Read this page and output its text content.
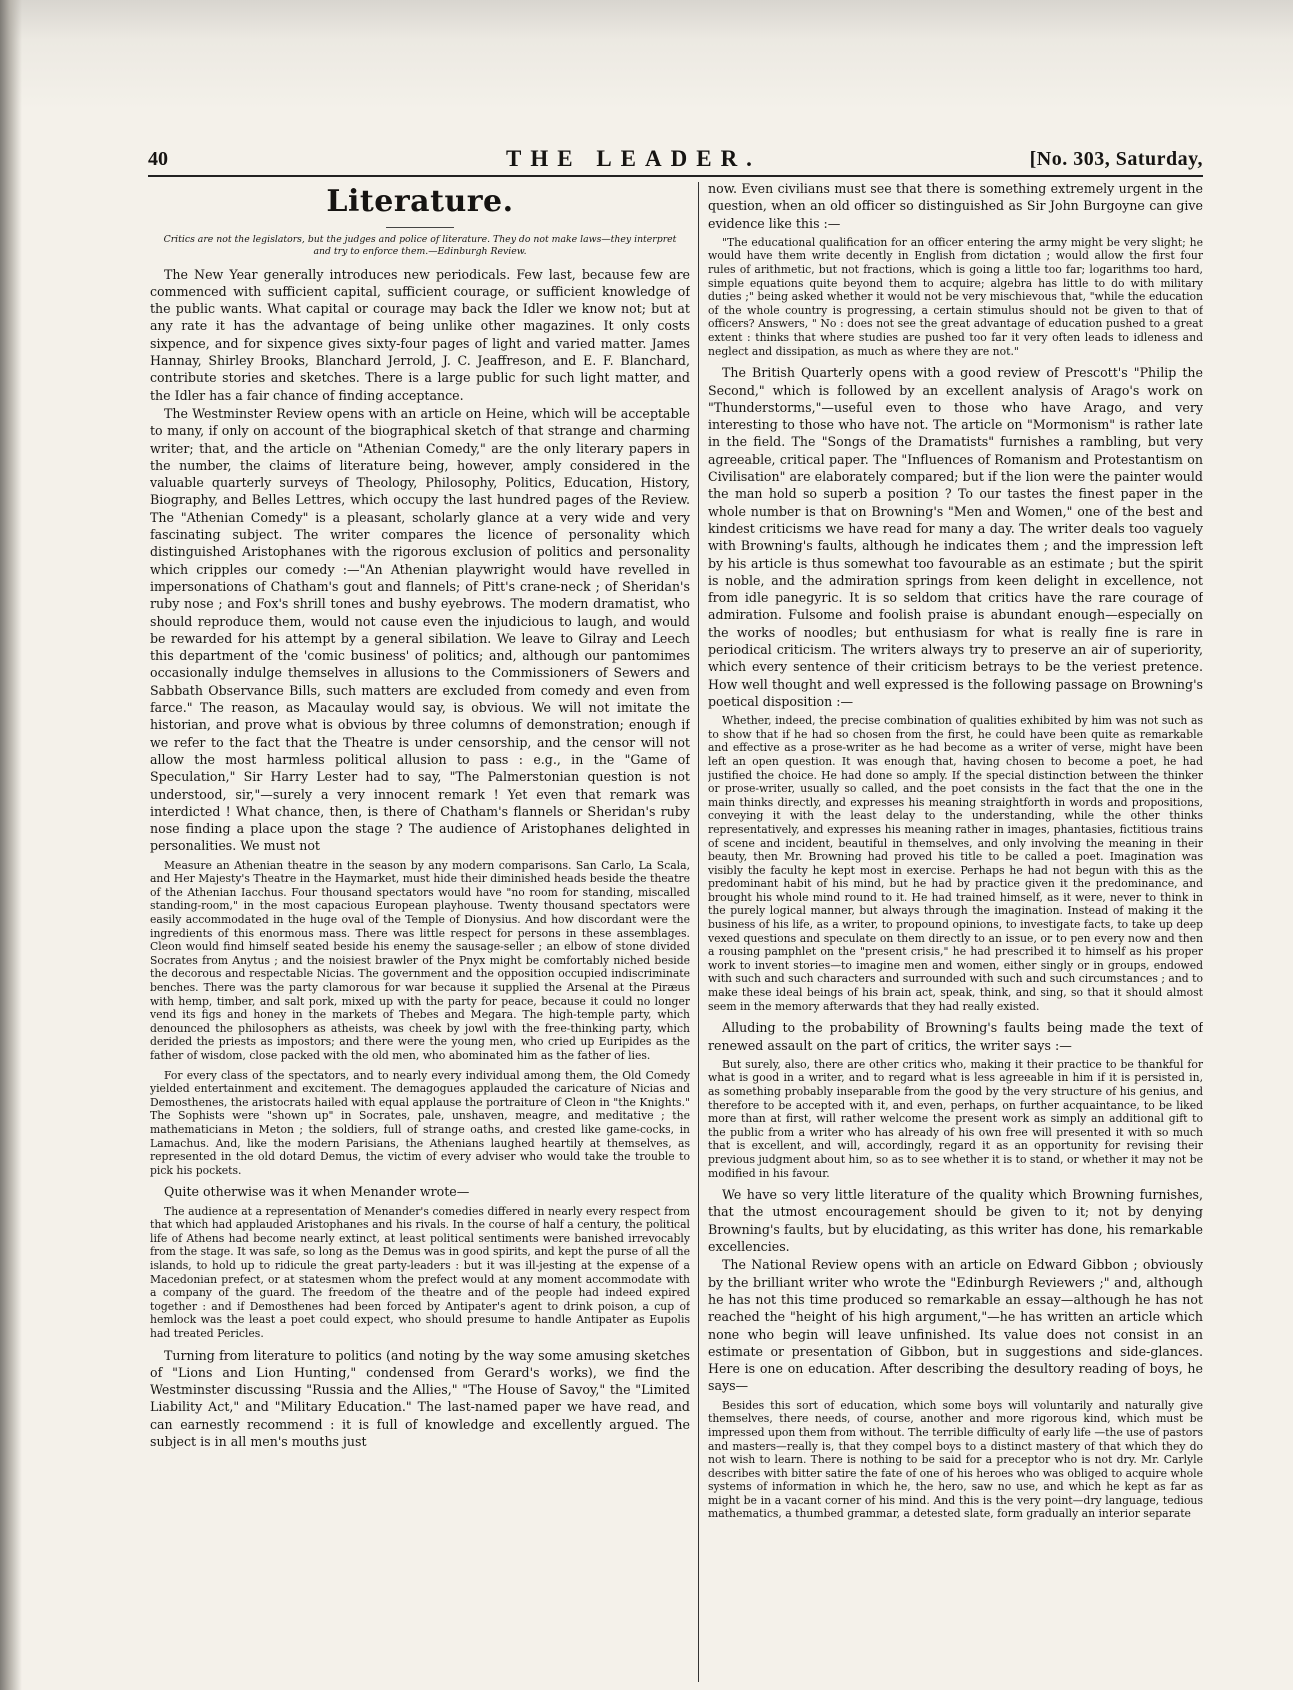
40	THE LEADER.	[No. 303, Saturday,
Literature.

Critics are not the legislators, but the judges and police of literature. They do not make laws—they interpret and try to enforce them.—Edinburgh Review.

The New Year generally introduces new periodicals. Few last, because few are commenced with sufficient capital, sufficient courage, or sufficient knowledge of the public wants. What capital or courage may back the Idler we know not; but at any rate it has the advantage of being unlike other magazines. It only costs sixpence, and for sixpence gives sixty-four pages of light and varied matter. James Hannay, Shirley Brooks, Blanchard Jerrold, J. C. Jeaffreson, and E. F. Blanchard, contribute stories and sketches. There is a large public for such light matter, and the Idler has a fair chance of finding acceptance.

The Westminster Review opens with an article on Heine, which will be acceptable to many, if only on account of the biographical sketch of that strange and charming writer; that, and the article on "Athenian Comedy," are the only literary papers in the number, the claims of literature being, however, amply considered in the valuable quarterly surveys of Theology, Philosophy, Politics, Education, History, Biography, and Belles Lettres, which occupy the last hundred pages of the Review. The "Athenian Comedy" is a pleasant, scholarly glance at a very wide and very fascinating subject. The writer compares the licence of personality which distinguished Aristophanes with the rigorous exclusion of politics and personality which cripples our comedy :—"An Athenian playwright would have revelled in impersonations of Chatham's gout and flannels; of Pitt's crane-neck ; of Sheridan's ruby nose ; and Fox's shrill tones and bushy eyebrows. The modern dramatist, who should reproduce them, would not cause even the injudicious to laugh, and would be rewarded for his attempt by a general sibilation. We leave to Gilray and Leech this department of the 'comic business' of politics; and, although our pantomimes occasionally indulge themselves in allusions to the Commissioners of Sewers and Sabbath Observance Bills, such matters are excluded from comedy and even from farce." The reason, as Macaulay would say, is obvious. We will not imitate the historian, and prove what is obvious by three columns of demonstration; enough if we refer to the fact that the Theatre is under censorship, and the censor will not allow the most harmless political allusion to pass : e.g., in the "Game of Speculation," Sir Harry Lester had to say, "The Palmerstonian question is not understood, sir,"—surely a very innocent remark ! Yet even that remark was interdicted ! What chance, then, is there of Chatham's flannels or Sheridan's ruby nose finding a place upon the stage ? The audience of Aristophanes delighted in personalities. We must not

Measure an Athenian theatre in the season by any modern comparisons. San Carlo, La Scala, and Her Majesty's Theatre in the Haymarket, must hide their diminished heads beside the theatre of the Athenian Iacchus. Four thousand spectators would have "no room for standing, miscalled standing-room," in the most capacious European playhouse. Twenty thousand spectators were easily accommodated in the huge oval of the Temple of Dionysius. And how discordant were the ingredients of this enormous mass. There was little respect for persons in these assemblages. Cleon would find himself seated beside his enemy the sausage-seller ; an elbow of stone divided Socrates from Anytus ; and the noisiest brawler of the Pnyx might be comfortably niched beside the decorous and respectable Nicias. The government and the opposition occupied indiscriminate benches. There was the party clamorous for war because it supplied the Arsenal at the Piræus with hemp, timber, and salt pork, mixed up with the party for peace, because it could no longer vend its figs and honey in the markets of Thebes and Megara. The high-temple party, which denounced the philosophers as atheists, was cheek by jowl with the free-thinking party, which derided the priests as impostors; and there were the young men, who cried up Euripides as the father of wisdom, close packed with the old men, who abominated him as the father of lies.

For every class of the spectators, and to nearly every individual among them, the Old Comedy yielded entertainment and excitement. The demagogues applauded the caricature of Nicias and Demosthenes, the aristocrats hailed with equal applause the portraiture of Cleon in "the Knights." The Sophists were "shown up" in Socrates, pale, unshaven, meagre, and meditative ; the mathematicians in Meton ; the soldiers, full of strange oaths, and crested like game-cocks, in Lamachus. And, like the modern Parisians, the Athenians laughed heartily at themselves, as represented in the old dotard Demus, the victim of every adviser who would take the trouble to pick his pockets.

Quite otherwise was it when Menander wrote—

The audience at a representation of Menander's comedies differed in nearly every respect from that which had applauded Aristophanes and his rivals. In the course of half a century, the political life of Athens had become nearly extinct, at least political sentiments were banished irrevocably from the stage. It was safe, so long as the Demus was in good spirits, and kept the purse of all the islands, to hold up to ridicule the great party-leaders : but it was ill-jesting at the expense of a Macedonian prefect, or at statesmen whom the prefect would at any moment accommodate with a company of the guard. The freedom of the theatre and of the people had indeed expired together : and if Demosthenes had been forced by Antipater's agent to drink poison, a cup of hemlock was the least a poet could expect, who should presume to handle Antipater as Eupolis had treated Pericles.

Turning from literature to politics (and noting by the way some amusing sketches of "Lions and Lion Hunting," condensed from Gerard's works), we find the Westminster discussing "Russia and the Allies," "The House of Savoy," the "Limited Liability Act," and "Military Education." The last-named paper we have read, and can earnestly recommend : it is full of knowledge and excellently argued. The subject is in all men's mouths just

now. Even civilians must see that there is something extremely urgent in the question, when an old officer so distinguished as Sir John Burgoyne can give evidence like this :—

"The educational qualification for an officer entering the army might be very slight; he would have them write decently in English from dictation ; would allow the first four rules of arithmetic, but not fractions, which is going a little too far; logarithms too hard, simple equations quite beyond them to acquire; algebra has little to do with military duties ;" being asked whether it would not be very mischievous that, "while the education of the whole country is progressing, a certain stimulus should not be given to that of officers? Answers, " No : does not see the great advantage of education pushed to a great extent : thinks that where studies are pushed too far it very often leads to idleness and neglect and dissipation, as much as where they are not."

The British Quarterly opens with a good review of Prescott's "Philip the Second," which is followed by an excellent analysis of Arago's work on "Thunderstorms,"—useful even to those who have Arago, and very interesting to those who have not. The article on "Mormonism" is rather late in the field. The "Songs of the Dramatists" furnishes a rambling, but very agreeable, critical paper. The "Influences of Romanism and Protestantism on Civilisation" are elaborately compared; but if the lion were the painter would the man hold so superb a position ? To our tastes the finest paper in the whole number is that on Browning's "Men and Women," one of the best and kindest criticisms we have read for many a day. The writer deals too vaguely with Browning's faults, although he indicates them ; and the impression left by his article is thus somewhat too favourable as an estimate ; but the spirit is noble, and the admiration springs from keen delight in excellence, not from idle panegyric. It is so seldom that critics have the rare courage of admiration. Fulsome and foolish praise is abundant enough—especially on the works of noodles; but enthusiasm for what is really fine is rare in periodical criticism. The writers always try to preserve an air of superiority, which every sentence of their criticism betrays to be the veriest pretence. How well thought and well expressed is the following passage on Browning's poetical disposition :—

Whether, indeed, the precise combination of qualities exhibited by him was not such as to show that if he had so chosen from the first, he could have been quite as remarkable and effective as a prose-writer as he had become as a writer of verse, might have been left an open question. It was enough that, having chosen to become a poet, he had justified the choice. He had done so amply. If the special distinction between the thinker or prose-writer, usually so called, and the poet consists in the fact that the one in the main thinks directly, and expresses his meaning straightforth in words and propositions, conveying it with the least delay to the understanding, while the other thinks representatively, and expresses his meaning rather in images, phantasies, fictitious trains of scene and incident, beautiful in themselves, and only involving the meaning in their beauty, then Mr. Browning had proved his title to be called a poet. Imagination was visibly the faculty he kept most in exercise. Perhaps he had not begun with this as the predominant habit of his mind, but he had by practice given it the predominance, and brought his whole mind round to it. He had trained himself, as it were, never to think in the purely logical manner, but always through the imagination. Instead of making it the business of his life, as a writer, to propound opinions, to investigate facts, to take up deep vexed questions and speculate on them directly to an issue, or to pen every now and then a rousing pamphlet on the "present crisis," he had prescribed it to himself as his proper work to invent stories—to imagine men and women, either singly or in groups, endowed with such and such characters and surrounded with such and such circumstances ; and to make these ideal beings of his brain act, speak, think, and sing, so that it should almost seem in the memory afterwards that they had really existed.

Alluding to the probability of Browning's faults being made the text of renewed assault on the part of critics, the writer says :—

But surely, also, there are other critics who, making it their practice to be thankful for what is good in a writer, and to regard what is less agreeable in him if it is persisted in, as something probably inseparable from the good by the very structure of his genius, and therefore to be accepted with it, and even, perhaps, on further acquaintance, to be liked more than at first, will rather welcome the present work as simply an additional gift to the public from a writer who has already of his own free will presented it with so much that is excellent, and will, accordingly, regard it as an opportunity for revising their previous judgment about him, so as to see whether it is to stand, or whether it may not be modified in his favour.

We have so very little literature of the quality which Browning furnishes, that the utmost encouragement should be given to it; not by denying Browning's faults, but by elucidating, as this writer has done, his remarkable excellencies.

The National Review opens with an article on Edward Gibbon ; obviously by the brilliant writer who wrote the "Edinburgh Reviewers ;" and, although he has not this time produced so remarkable an essay—although he has not reached the "height of his high argument,"—he has written an article which none who begin will leave unfinished. Its value does not consist in an estimate or presentation of Gibbon, but in suggestions and side-glances. Here is one on education. After describing the desultory reading of boys, he says—

Besides this sort of education, which some boys will voluntarily and naturally give themselves, there needs, of course, another and more rigorous kind, which must be impressed upon them from without. The terrible difficulty of early life —the use of pastors and masters—really is, that they compel boys to a distinct mastery of that which they do not wish to learn. There is nothing to be said for a preceptor who is not dry. Mr. Carlyle describes with bitter satire the fate of one of his heroes who was obliged to acquire whole systems of information in which he, the hero, saw no use, and which he kept as far as might be in a vacant corner of his mind. And this is the very point—dry language, tedious mathematics, a thumbed grammar, a detested slate, form gradually an interior separate
